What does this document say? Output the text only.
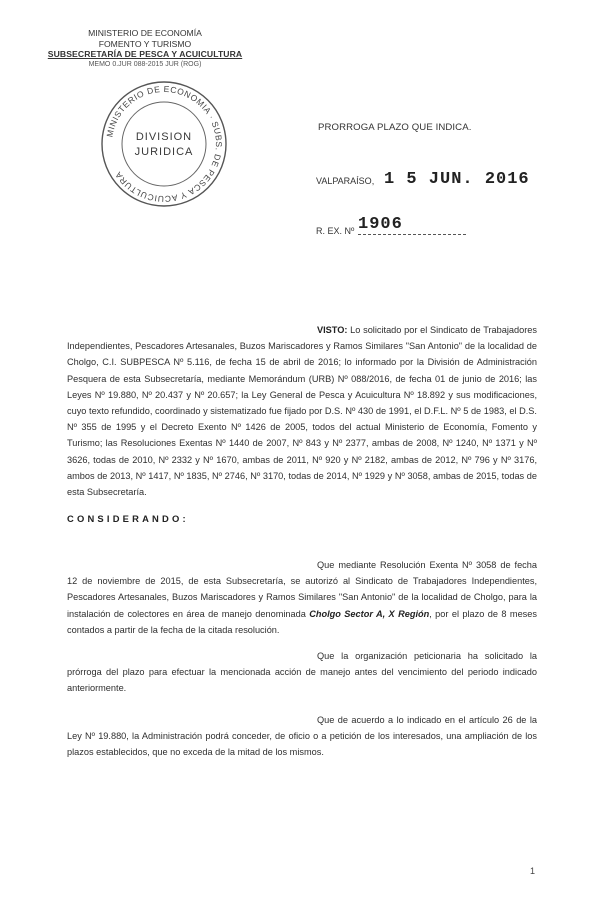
MINISTERIO DE ECONOMÍA
FOMENTO Y TURISMO
SUBSECRETARÍA DE PESCA Y ACUICULTURA
MEMO 0.JUR 088-2015 JUR (ROG)
MINISTERIO DE ECONOMIA · SUBS. DE PESCA Y ACUICULTURA
DIVISION
JURIDICA
PRORROGA PLAZO QUE INDICA.
VALPARAÍSO, 1 5 JUN. 2016
R. EX. Nº 1906

VISTO: Lo solicitado por el Sindicato de Trabajadores Independientes, Pescadores Artesanales, Buzos Mariscadores y Ramos Similares "San Antonio" de la localidad de Cholgo, C.I. SUBPESCA Nº 5.116, de fecha 15 de abril de 2016; lo informado por la División de Administración Pesquera de esta Subsecretaría, mediante Memorándum (URB) Nº 088/2016, de fecha 01 de junio de 2016; las Leyes Nº 19.880, Nº 20.437 y Nº 20.657; la Ley General de Pesca y Acuicultura Nº 18.892 y sus modificaciones, cuyo texto refundido, coordinado y sistematizado fue fijado por D.S. Nº 430 de 1991, el D.F.L. Nº 5 de 1983, el D.S. Nº 355 de 1995 y el Decreto Exento Nº 1426 de 2005, todos del actual Ministerio de Economía, Fomento y Turismo; las Resoluciones Exentas Nº 1440 de 2007, Nº 843 y Nº 2377, ambas de 2008, Nº 1240, Nº 1371 y Nº 3626, todas de 2010, Nº 2332 y Nº 1670, ambas de 2011, Nº 920 y Nº 2182, ambas de 2012, Nº 796 y Nº 3176, ambos de 2013, Nº 1417, Nº 1835, Nº 2746, Nº 3170, todas de 2014, Nº 1929 y Nº 3058, ambas de 2015, todas de esta Subsecretaría.

CONSIDERANDO:

Que mediante Resolución Exenta Nº 3058 de fecha 12 de noviembre de 2015, de esta Subsecretaría, se autorizó al Sindicato de Trabajadores Independientes, Pescadores Artesanales, Buzos Mariscadores y Ramos Similares "San Antonio" de la localidad de Cholgo, para la instalación de colectores en área de manejo denominada Cholgo Sector A, X Región, por el plazo de 8 meses contados a partir de la fecha de la citada resolución.

Que la organización peticionaria ha solicitado la prórroga del plazo para efectuar la mencionada acción de manejo antes del vencimiento del periodo indicado anteriormente.

Que de acuerdo a lo indicado en el artículo 26 de la Ley Nº 19.880, la Administración podrá conceder, de oficio o a petición de los interesados, una ampliación de los plazos establecidos, que no exceda de la mitad de los mismos.

1
